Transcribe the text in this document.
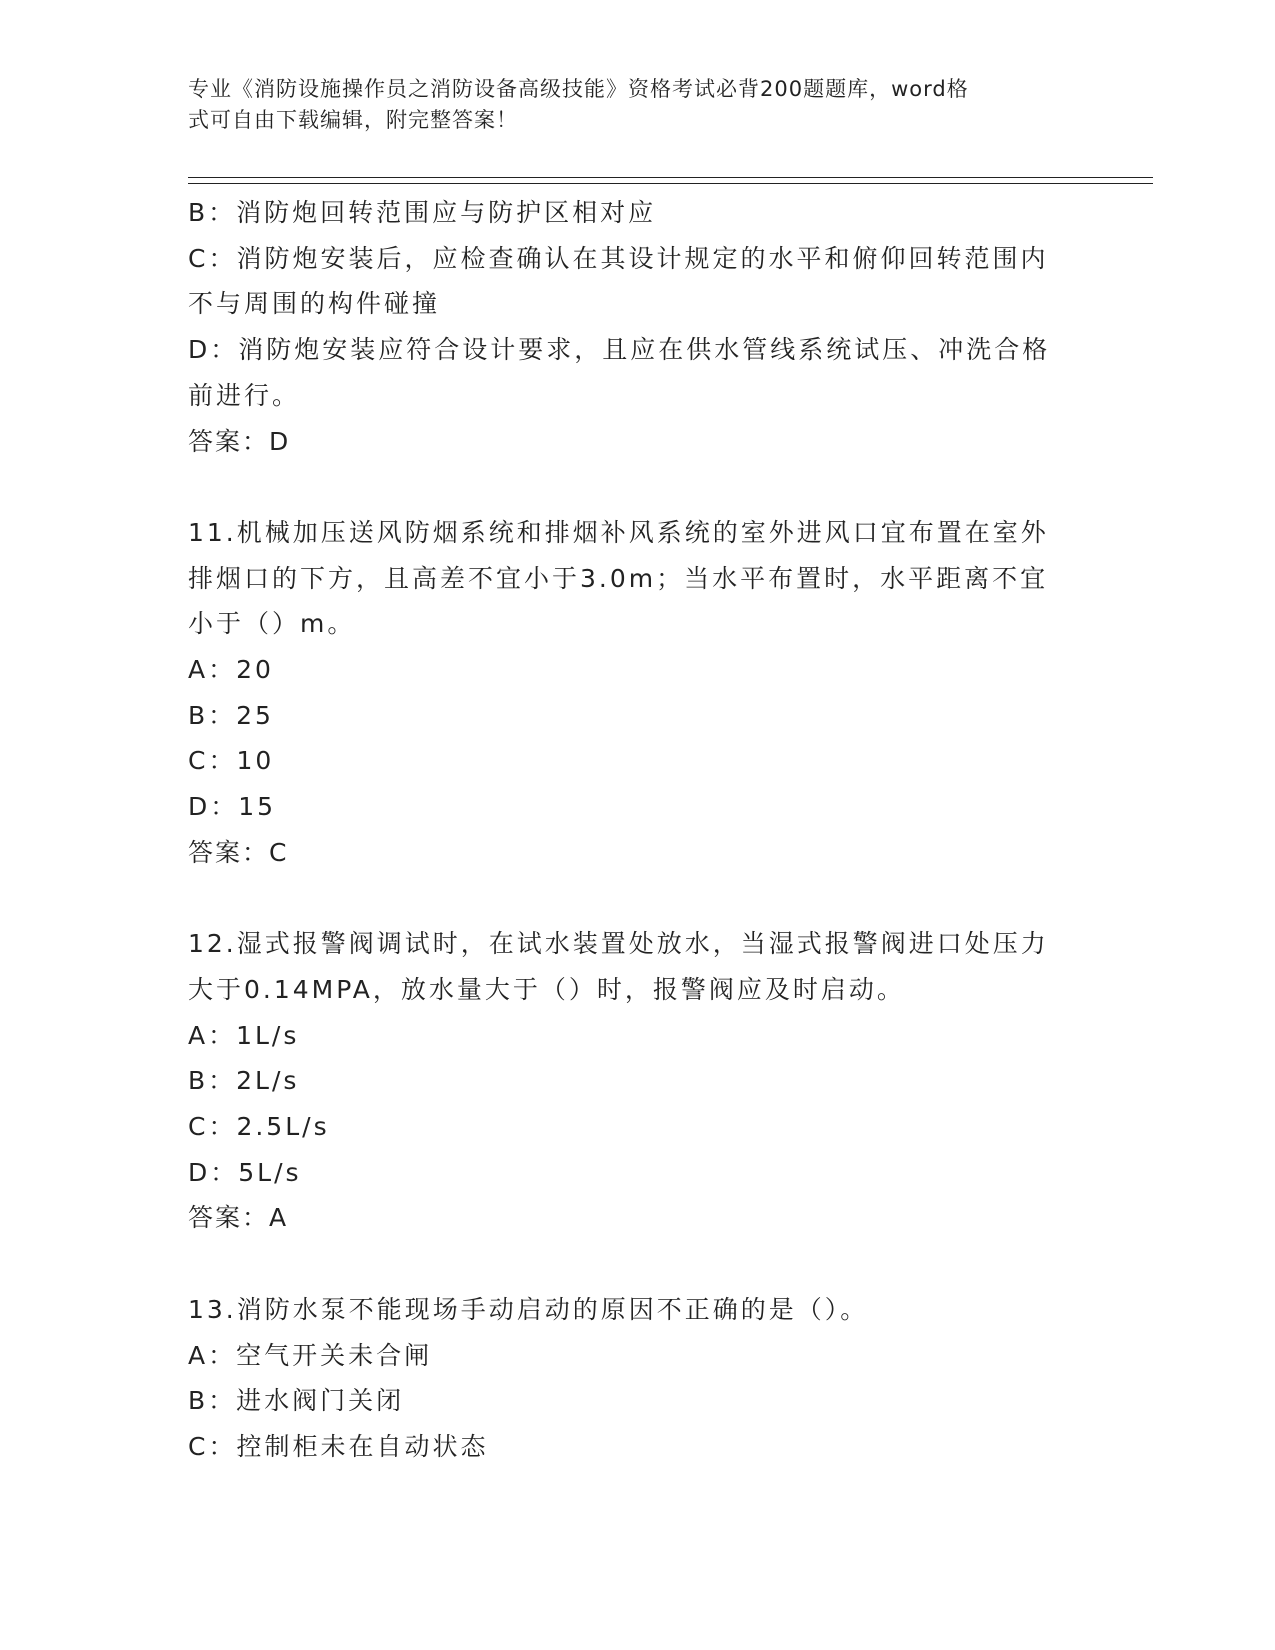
专业《消防设施操作员之消防设备高级技能》资格考试必背200题题库，word格
式可自由下载编辑，附完整答案！
B：消防炮回转范围应与防护区相对应
C：消防炮安装后，应检查确认在其设计规定的水平和俯仰回转范围内
不与周围的构件碰撞
D：消防炮安装应符合设计要求，且应在供水管线系统试压、冲洗合格
前进行。
答案：D
11.机械加压送风防烟系统和排烟补风系统的室外进风口宜布置在室外
排烟口的下方，且高差不宜小于3.0m；当水平布置时，水平距离不宜
小于（）m。
A：20
B：25
C：10
D：15
答案：C
12.湿式报警阀调试时，在试水装置处放水，当湿式报警阀进口处压力
大于0.14MPA，放水量大于（）时，报警阀应及时启动。
A：1L/s
B：2L/s
C：2.5L/s
D：5L/s
答案：A
13.消防水泵不能现场手动启动的原因不正确的是（）。
A：空气开关未合闸
B：进水阀门关闭
C：控制柜未在自动状态
